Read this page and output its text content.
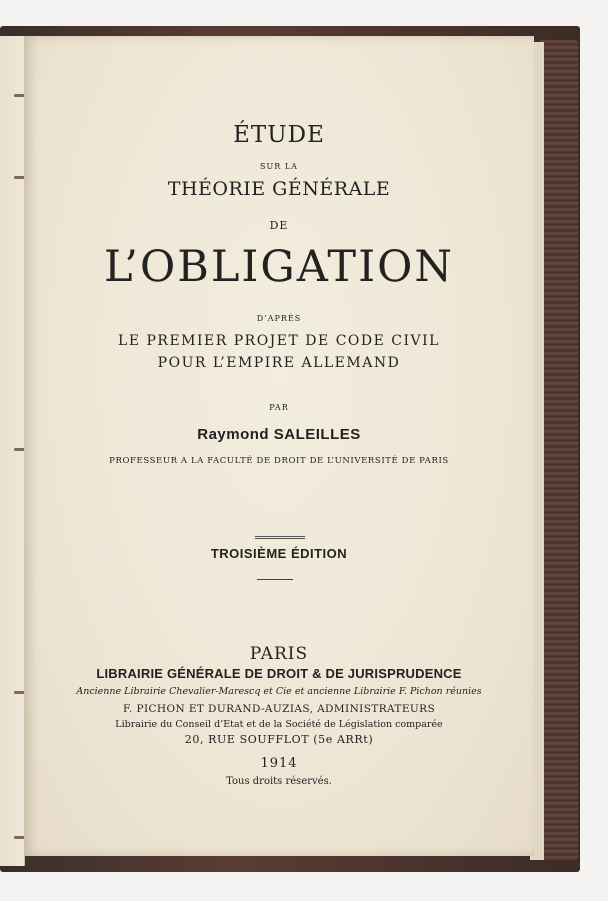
ÉTUDE
SUR LA
THÉORIE GÉNÉRALE
DE
L’OBLIGATION
D’APRÈS
LE PREMIER PROJET DE CODE CIVIL
POUR L’EMPIRE ALLEMAND
PAR
Raymond SALEILLES
PROFESSEUR A LA FACULTÉ DE DROIT DE L’UNIVERSITÉ DE PARIS
TROISIÈME ÉDITION
PARIS
LIBRAIRIE GÉNÉRALE DE DROIT & DE JURISPRUDENCE
Ancienne Librairie Chevalier-Marescq et Cie et ancienne Librairie F. Pichon réunies
F. PICHON ET DURAND-AUZIAS, ADMINISTRATEURS
Librairie du Conseil d’Etat et de la Société de Législation comparée
20, RUE SOUFFLOT (5e ARRt)
1914
Tous droits réservés.
